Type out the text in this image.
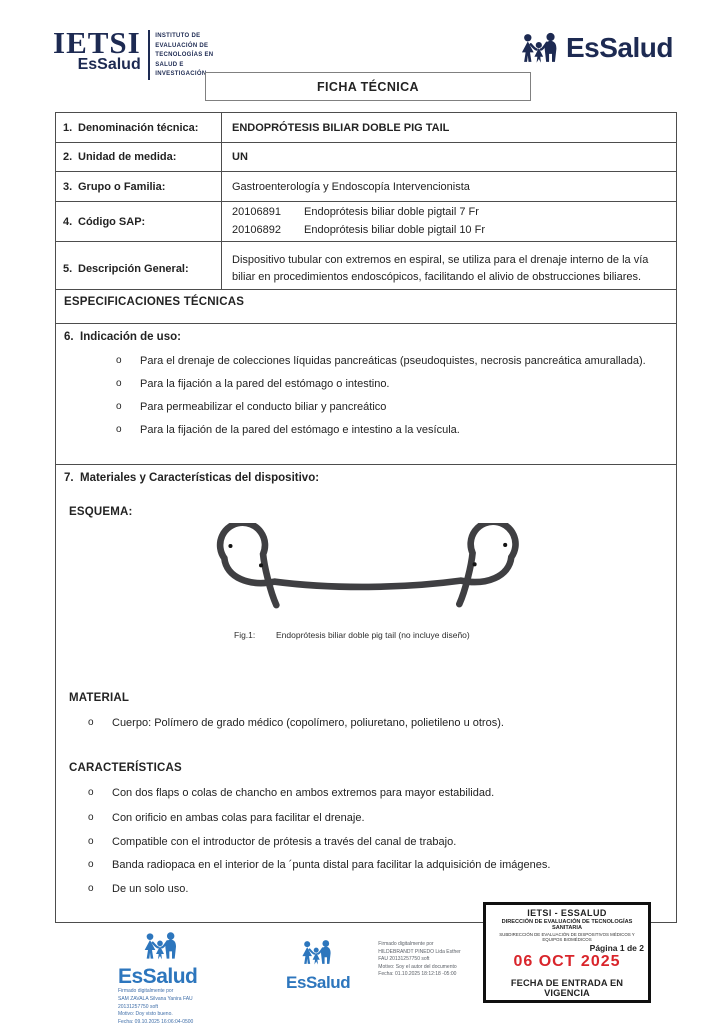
IETSI
EsSalud
INSTITUTO DE
EVALUACIÓN DE
TECNOLOGÍAS EN
SALUD E
INVESTIGACIÓN
EsSalud
FICHA TÉCNICA
1. Denominación técnica:	ENDOPRÓTESIS BILIAR DOBLE PIG TAIL
2. Unidad de medida:	UN
3. Grupo o Familia:	Gastroenterología y Endoscopía Intervencionista
4. Código SAP:
20106891	Endoprótesis biliar doble pigtail 7 Fr
20106892	Endoprótesis biliar doble pigtail 10 Fr
5. Descripción General:
Dispositivo tubular con extremos en espiral, se utiliza para el drenaje interno de la vía biliar en procedimientos endoscópicos, facilitando el alivio de obstrucciones biliares.
ESPECIFICACIONES TÉCNICAS
6. Indicación de uso:
o	Para el drenaje de colecciones líquidas pancreáticas (pseudoquistes, necrosis pancreática amurallada).
o	Para la fijación a la pared del estómago o intestino.
o	Para permeabilizar el conducto biliar y pancreático
o	Para la fijación de la pared del estómago e intestino a la vesícula.
7. Materiales y Características del dispositivo:
ESQUEMA:
Fig.1:	Endoprótesis biliar doble pig tail (no incluye diseño)
MATERIAL
o	Cuerpo: Polímero de grado médico (copolímero, poliuretano, polietileno u otros).
CARACTERÍSTICAS
o	Con dos flaps o colas de chancho en ambos extremos para mayor estabilidad.
o	Con orificio en ambas colas para facilitar el drenaje.
o	Compatible con el introductor de prótesis a través del canal de trabajo.
o	Banda radiopaca en el interior de la ´punta distal para facilitar la adquisición de imágenes.
o	De un solo uso.
IETSI - ESSALUD
DIRECCIÓN DE EVALUACIÓN DE TECNOLOGÍAS SANITARIA
SUBDIRECCIÓN DE EVALUACIÓN DE DISPOSITIVOS MÉDICOS Y EQUIPOS BIOMÉDICOS
Página 1 de 2
06 OCT 2025
FECHA DE ENTRADA EN VIGENCIA
EsSalud
Firmado digitalmente por
SAM ZAVALA Silvana Yanira FAU
20131257750 soft
Motivo: Doy visto bueno.
Fecha: 09.10.2025 16:06:04-0500
EsSalud
Firmado digitalmente por
HILDEBRANDT PINEDO Lida Esther
FAU 20131257750 soft
Motivo: Soy el autor del documento
Fecha: 01.10.2025 18:12:18 -05:00
